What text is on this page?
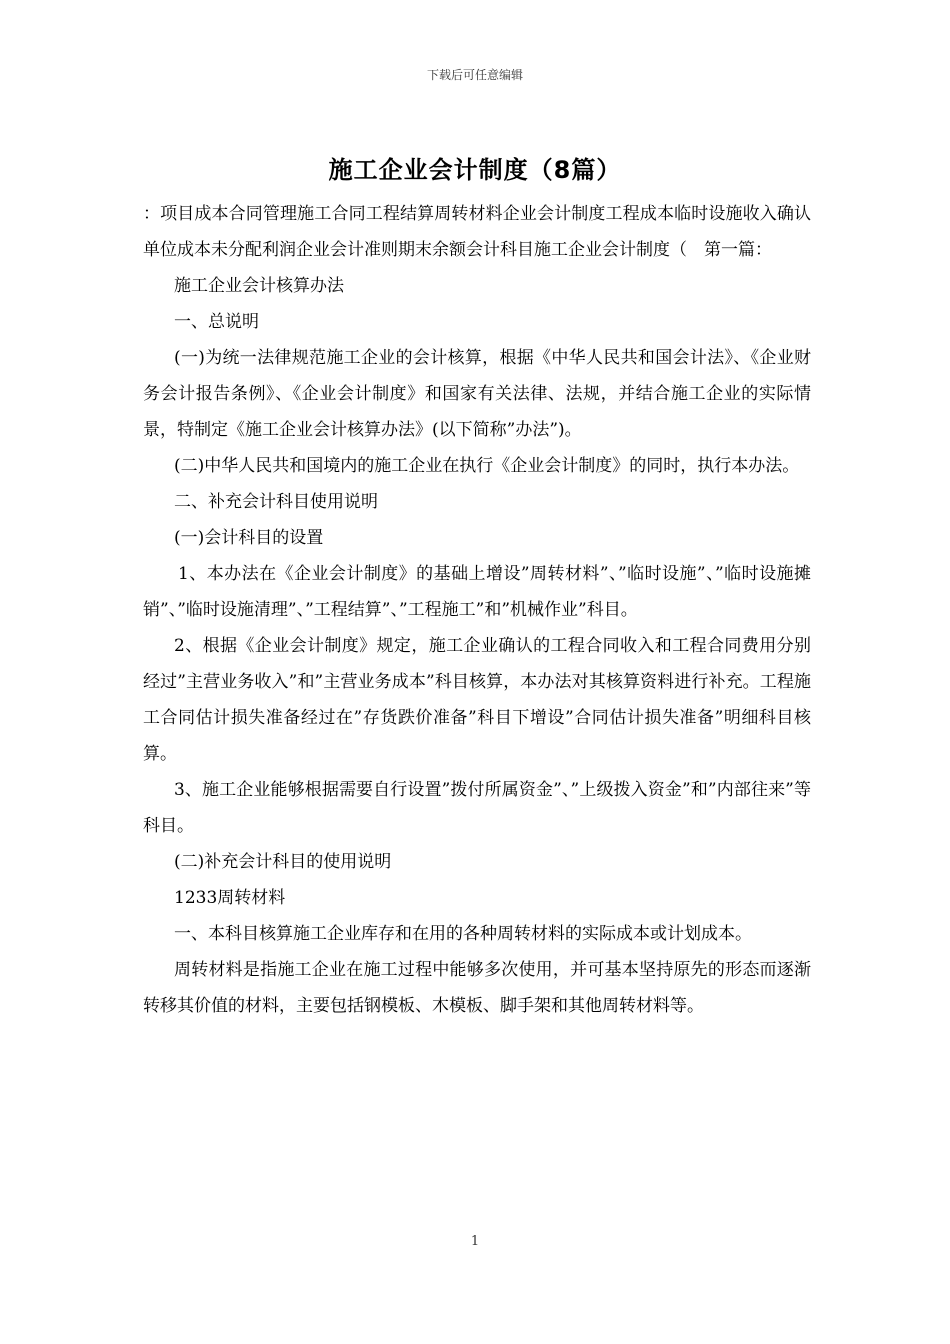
下载后可任意编辑
施工企业会计制度（8篇）

：项目成本合同管理施工合同工程结算周转材料企业会计制度工程成本临时设施收入确认单位成本未分配利润企业会计准则期末余额会计科目施工企业会计制度（　第一篇：

施工企业会计核算办法

一、总说明

(一)为统一法律规范施工企业的会计核算，根据《中华人民共和国会计法》、《企业财务会计报告条例》、《企业会计制度》和国家有关法律、法规，并结合施工企业的实际情景，特制定《施工企业会计核算办法》(以下简称”办法”)。

(二)中华人民共和国境内的施工企业在执行《企业会计制度》的同时，执行本办法。

二、补充会计科目使用说明

(一)会计科目的设置

1、本办法在《企业会计制度》的基础上增设”周转材料”、”临时设施”、”临时设施摊销”、”临时设施清理”、”工程结算”、”工程施工”和”机械作业”科目。

2、根据《企业会计制度》规定，施工企业确认的工程合同收入和工程合同费用分别经过”主营业务收入”和”主营业务成本”科目核算，本办法对其核算资料进行补充。工程施工合同估计损失准备经过在”存货跌价准备”科目下增设”合同估计损失准备”明细科目核算。

3、施工企业能够根据需要自行设置”拨付所属资金”、”上级拨入资金”和”内部往来”等科目。

(二)补充会计科目的使用说明

1233周转材料

一、本科目核算施工企业库存和在用的各种周转材料的实际成本或计划成本。

周转材料是指施工企业在施工过程中能够多次使用，并可基本坚持原先的形态而逐渐转移其价值的材料，主要包括钢模板、木模板、脚手架和其他周转材料等。

1
